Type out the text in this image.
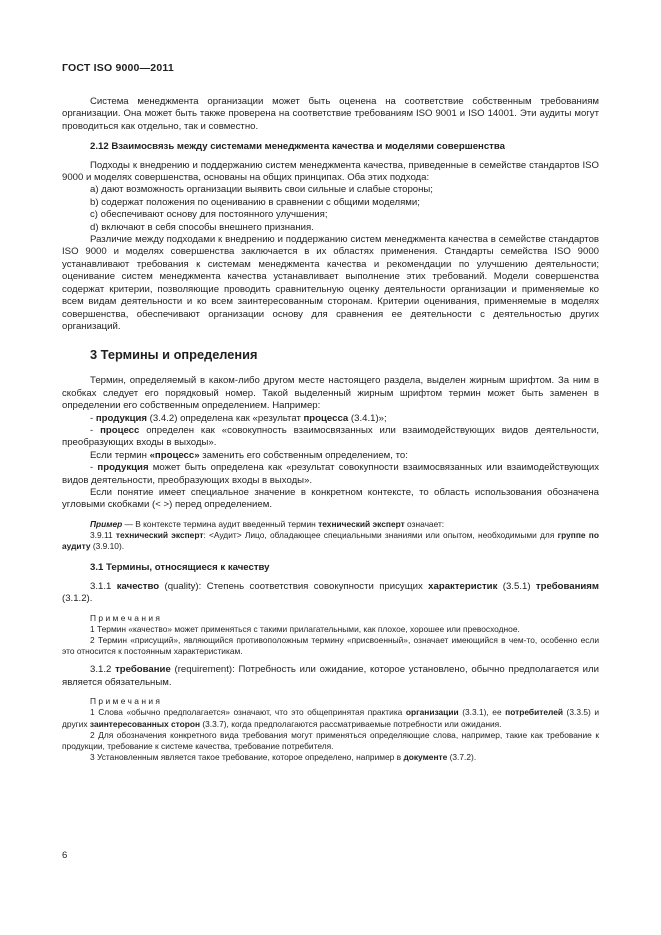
ГОСТ ISO 9000—2011

Система менеджмента организации может быть оценена на соответствие собственным требованиям организации. Она может быть также проверена на соответствие требованиям ISO 9001 и ISO 14001. Эти аудиты могут проводиться как отдельно, так и совместно.

2.12 Взаимосвязь между системами менеджмента качества и моделями совершенства

Подходы к внедрению и поддержанию систем менеджмента качества, приведенные в семействе стандартов ISO 9000 и моделях совершенства, основаны на общих принципах. Оба этих подхода:

a) дают возможность организации выявить свои сильные и слабые стороны;

b) содержат положения по оцениванию в сравнении с общими моделями;

c) обеспечивают основу для постоянного улучшения;

d) включают в себя способы внешнего признания.

Различие между подходами к внедрению и поддержанию систем менеджмента качества в семействе стандартов ISO 9000 и моделях совершенства заключается в их областях применения. Стандарты семейства ISO 9000 устанавливают требования к системам менеджмента качества и рекомендации по улучшению деятельности; оценивание систем менеджмента качества устанавливает выполнение этих требований. Модели совершенства содержат критерии, позволяющие проводить сравнительную оценку деятельности организации и применяемые ко всем видам деятельности и ко всем заинтересованным сторонам. Критерии оценивания, применяемые в моделях совершенства, обеспечивают организации основу для сравнения ее деятельности с деятельностью других организаций.

3 Термины и определения

Термин, определяемый в каком-либо другом месте настоящего раздела, выделен жирным шрифтом. За ним в скобках следует его порядковый номер. Такой выделенный жирным шрифтом термин может быть заменен в определении его собственным определением. Например:

- продукция (3.4.2) определена как «результат процесса (3.4.1)»;

- процесс определен как «совокупность взаимосвязанных или взаимодействующих видов деятельности, преобразующих входы в выходы».

Если термин «процесс» заменить его собственным определением, то:

- продукция может быть определена как «результат совокупности взаимосвязанных или взаимодействующих видов деятельности, преобразующих входы в выходы».

Если понятие имеет специальное значение в конкретном контексте, то область использования обозначена угловыми скобками (< >) перед определением.

Пример — В контексте термина аудит введенный термин технический эксперт означает:

3.9.11 технический эксперт: <Аудит> Лицо, обладающее специальными знаниями или опытом, необходимыми для группе по аудиту (3.9.10).

3.1 Термины, относящиеся к качеству

3.1.1 качество (quality): Степень соответствия совокупности присущих характеристик (3.5.1) требованиям (3.1.2).

Примечания

1 Термин «качество» может применяться с такими прилагательными, как плохое, хорошее или превосходное.

2 Термин «присущий», являющийся противоположным термину «присвоенный», означает имеющийся в чем-то, особенно если это относится к постоянным характеристикам.

3.1.2 требование (requirement): Потребность или ожидание, которое установлено, обычно предполагается или является обязательным.

Примечания

1 Слова «обычно предполагается» означают, что это общепринятая практика организации (3.3.1), ее потребителей (3.3.5) и других заинтересованных сторон (3.3.7), когда предполагаются рассматриваемые потребности или ожидания.

2 Для обозначения конкретного вида требования могут применяться определяющие слова, например, такие как требование к продукции, требование к системе качества, требование потребителя.

3 Установленным является такое требование, которое определено, например в документе (3.7.2).

6
